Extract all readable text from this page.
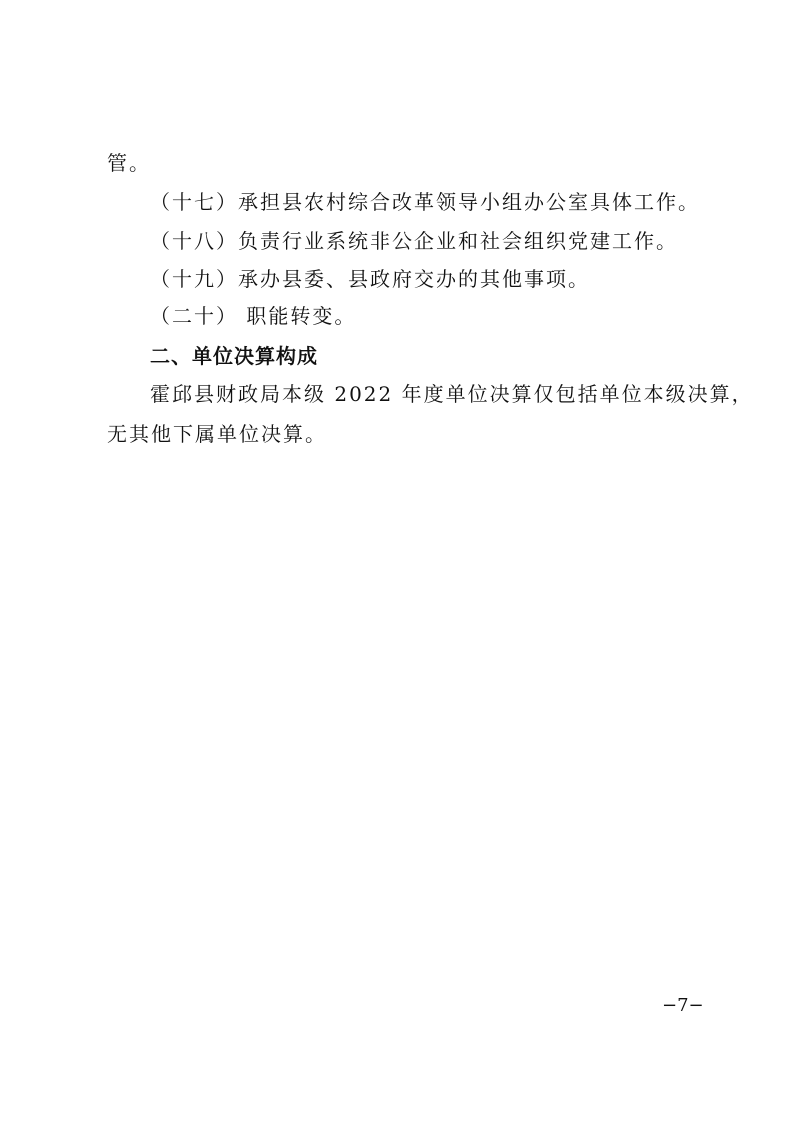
管。
（十七）承担县农村综合改革领导小组办公室具体工作。
（十八）负责行业系统非公企业和社会组织党建工作。
（十九）承办县委、县政府交办的其他事项。
（二十） 职能转变。
二、单位决算构成
霍邱县财政局本级 2022 年度单位决算仅包括单位本级决算，
无其他下属单位决算。
−7−
